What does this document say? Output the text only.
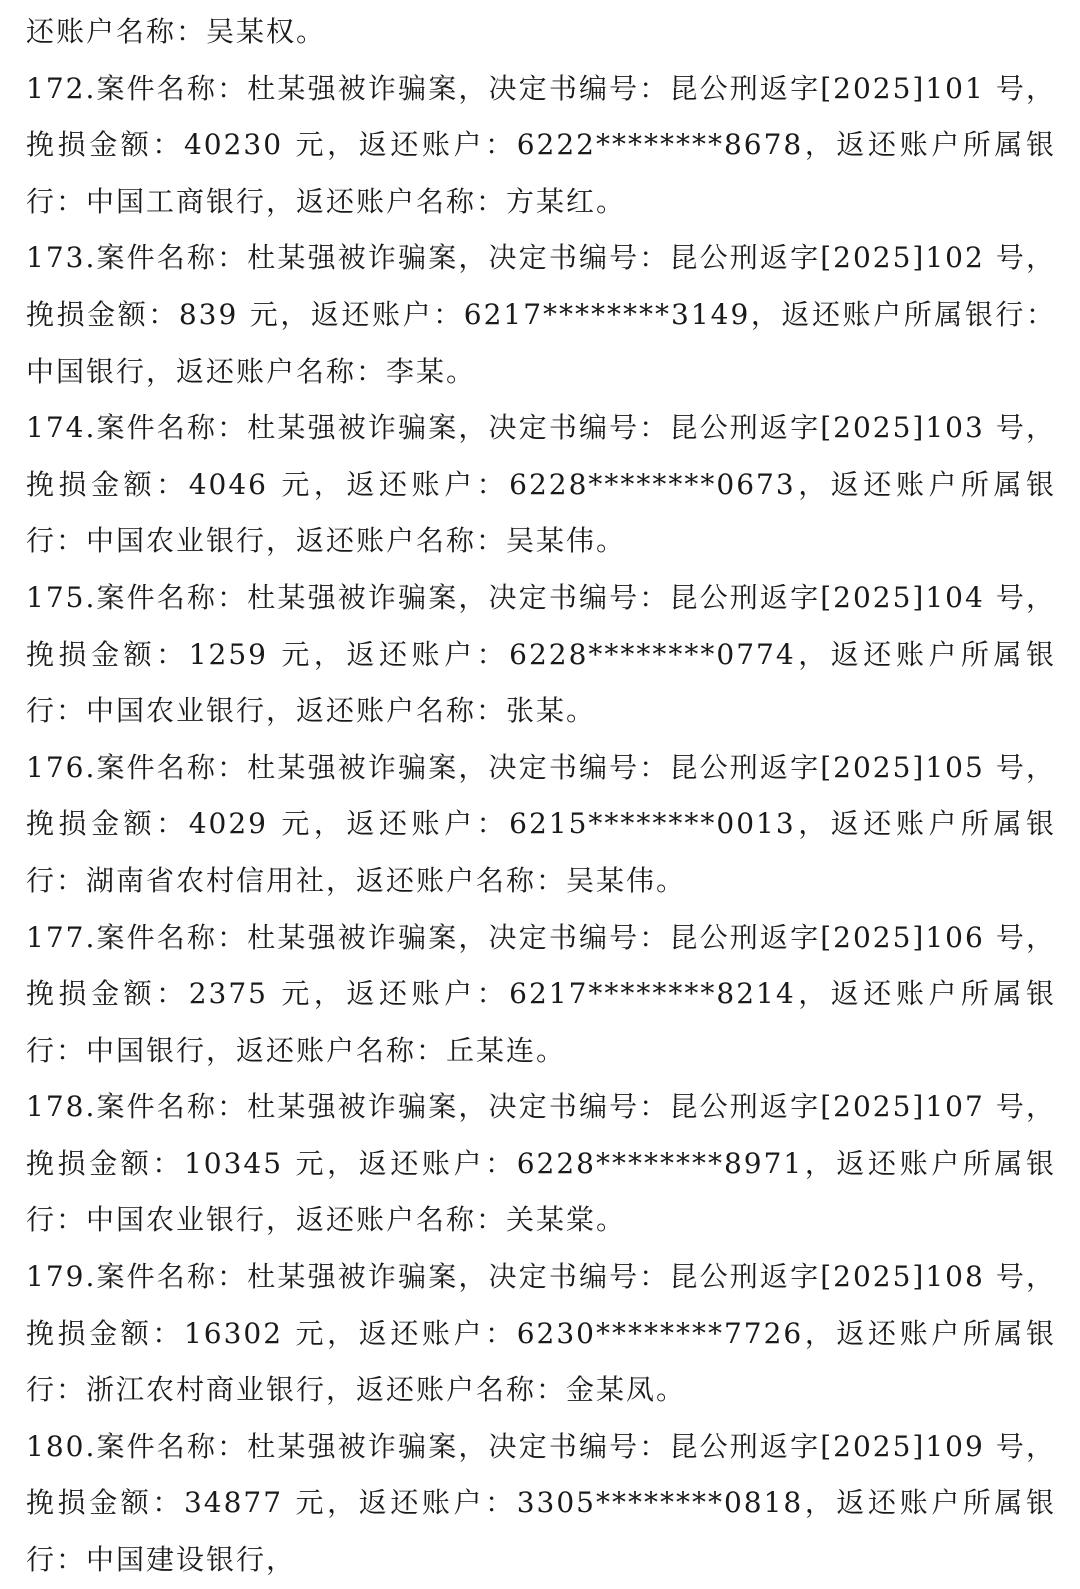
还账户名称：吴某权。

172.案件名称：杜某强被诈骗案，决定书编号：昆公刑返字[2025]101 号，挽损金额：40230 元，返还账户：6222********8678，返还账户所属银行：中国工商银行，返还账户名称：方某红。

173.案件名称：杜某强被诈骗案，决定书编号：昆公刑返字[2025]102 号，挽损金额：839 元，返还账户：6217********3149，返还账户所属银行：中国银行，返还账户名称：李某。

174.案件名称：杜某强被诈骗案，决定书编号：昆公刑返字[2025]103 号，挽损金额：4046 元，返还账户：6228********0673，返还账户所属银行：中国农业银行，返还账户名称：吴某伟。

175.案件名称：杜某强被诈骗案，决定书编号：昆公刑返字[2025]104 号，挽损金额：1259 元，返还账户：6228********0774，返还账户所属银行：中国农业银行，返还账户名称：张某。

176.案件名称：杜某强被诈骗案，决定书编号：昆公刑返字[2025]105 号，挽损金额：4029 元，返还账户：6215********0013，返还账户所属银行：湖南省农村信用社，返还账户名称：吴某伟。

177.案件名称：杜某强被诈骗案，决定书编号：昆公刑返字[2025]106 号，挽损金额：2375 元，返还账户：6217********8214，返还账户所属银行：中国银行，返还账户名称：丘某连。

178.案件名称：杜某强被诈骗案，决定书编号：昆公刑返字[2025]107 号，挽损金额：10345 元，返还账户：6228********8971，返还账户所属银行：中国农业银行，返还账户名称：关某棠。

179.案件名称：杜某强被诈骗案，决定书编号：昆公刑返字[2025]108 号，挽损金额：16302 元，返还账户：6230********7726，返还账户所属银行：浙江农村商业银行，返还账户名称：金某凤。

180.案件名称：杜某强被诈骗案，决定书编号：昆公刑返字[2025]109 号，挽损金额：34877 元，返还账户：3305********0818，返还账户所属银行：中国建设银行，
